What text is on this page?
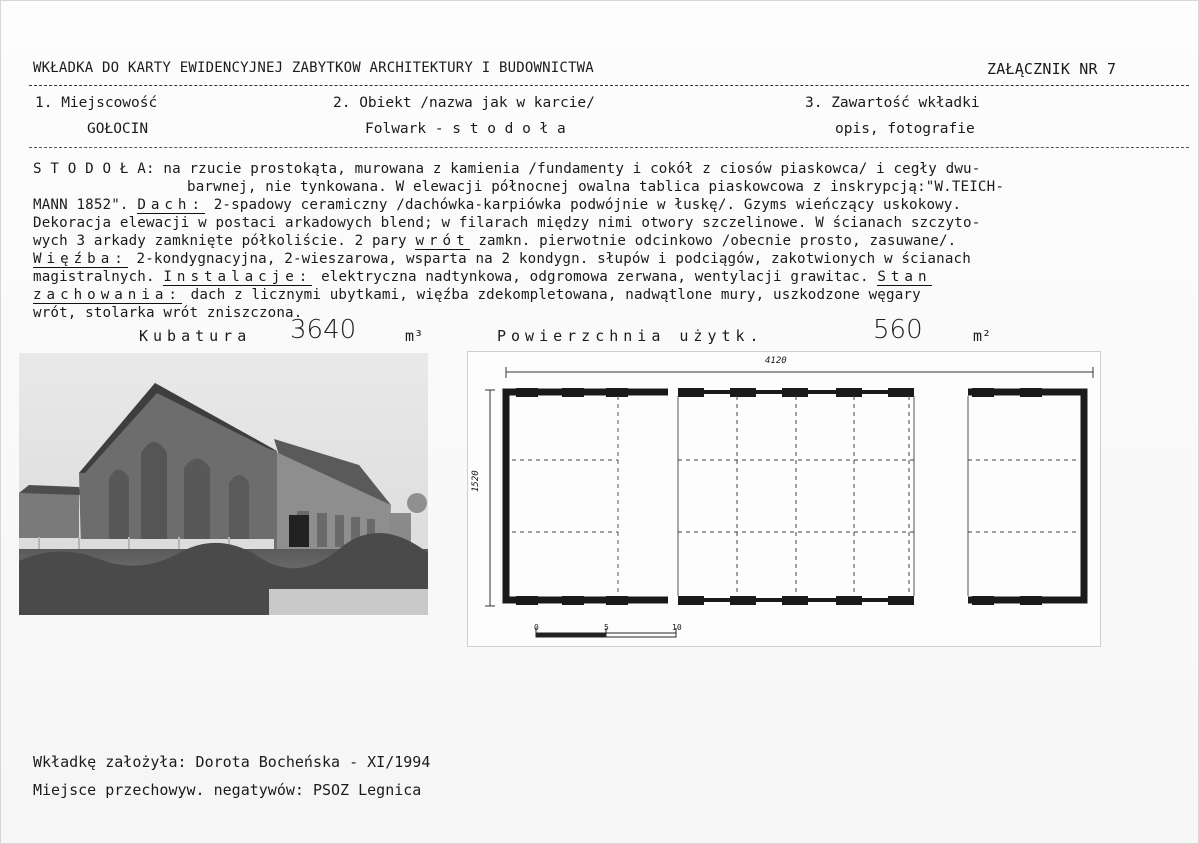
WKŁADKA DO KARTY EWIDENCYJNEJ ZABYTKOW ARCHITEKTURY I BUDOWNICTWA	ZAŁĄCZNIK NR 7
1. Miejscowość
GOŁOCIN
2. Obiekt /nazwa jak w karcie/
Folwark - s t o d o ł a
3. Zawartość wkładki
opis, fotografie
S T O D O Ł A: na rzucie prostokąta, murowana z kamienia /fundamenty i cokół z ciosów piaskowca/ i cegły dwu-
barwnej, nie tynkowana. W elewacji północnej owalna tablica piaskowcowa z inskrypcją:"W.TEICH-
MANN 1852". Dach: 2-spadowy ceramiczny /dachówka-karpiówka podwójnie w łuskę/. Gzyms wieńczący uskokowy.
Dekoracja elewacji w postaci arkadowych blend; w filarach między nimi otwory szczelinowe. W ścianach szczyto-
wych 3 arkady zamknięte półkoliście. 2 pary wrót zamkn. pierwotnie odcinkowo /obecnie prosto, zasuwane/.
Więźba: 2-kondygnacyjna, 2-wieszarowa, wsparta na 2 kondygn. słupów i podciągów, zakotwionych w ścianach
magistralnych. Instalacje: elektryczna nadtynkowa, odgromowa zerwana, wentylacji grawitac. Stan
zachowania: dach z licznymi ubytkami, więźba zdekompletowana, nadwątlone mury, uszkodzone węgary
wrót, stolarka wrót zniszczona.
Kubatura 3640	m³	Powierzchnia użytk.	560	m²
4120
1520
0	5	10
Wkładkę założyła: Dorota Bocheńska - XI/1994
Miejsce przechowyw. negatywów: PSOZ Legnica
